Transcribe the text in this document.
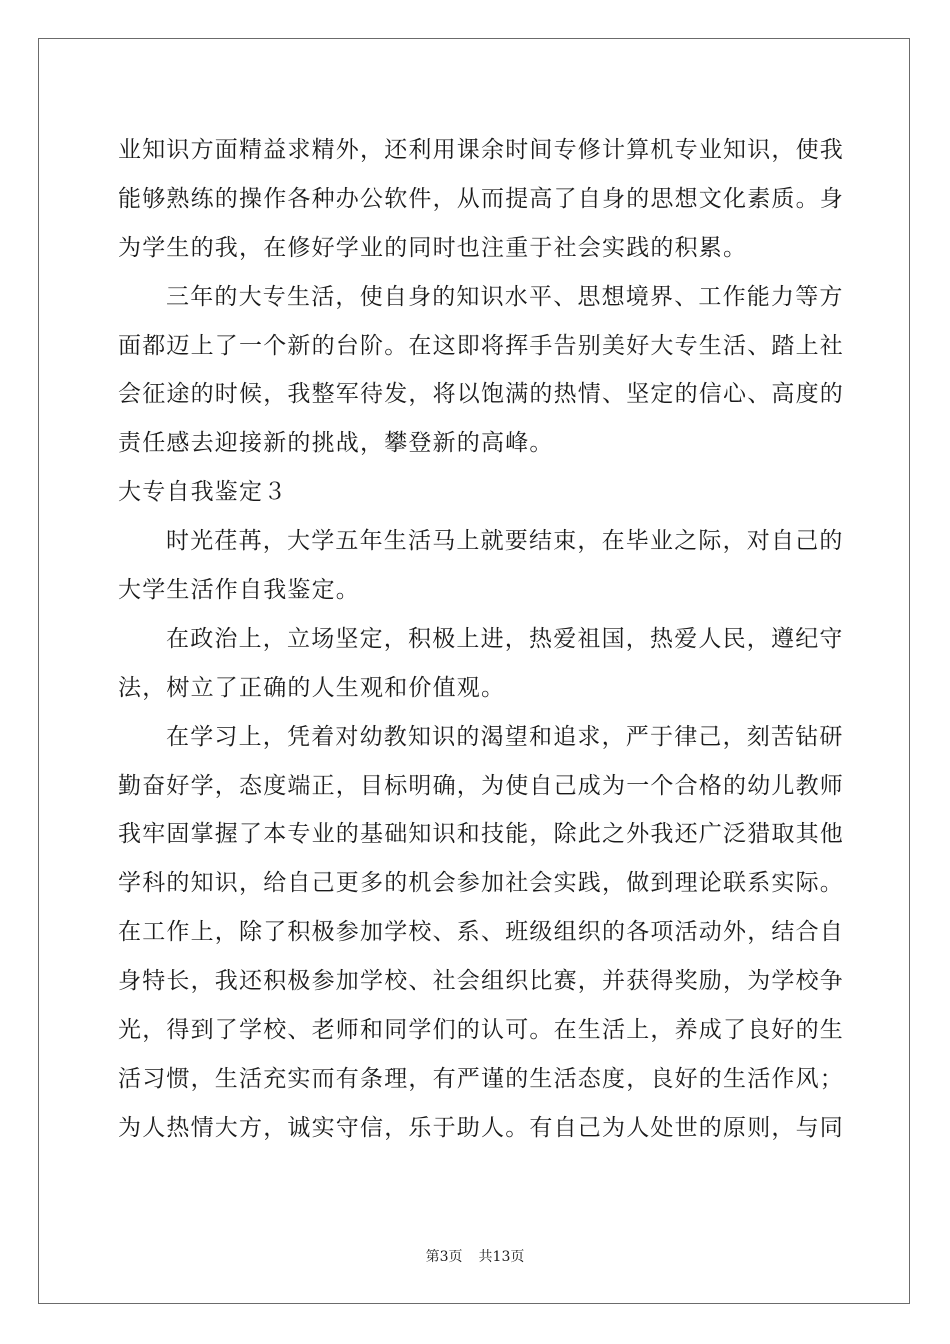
业知识方面精益求精外，还利用课余时间专修计算机专业知识，使我
能够熟练的操作各种办公软件，从而提高了自身的思想文化素质。身
为学生的我，在修好学业的同时也注重于社会实践的积累。
三年的大专生活，使自身的知识水平、思想境界、工作能力等方
面都迈上了一个新的台阶。在这即将挥手告别美好大专生活、踏上社
会征途的时候，我整军待发，将以饱满的热情、坚定的信心、高度的
责任感去迎接新的挑战，攀登新的高峰。
大专自我鉴定３
时光荏苒，大学五年生活马上就要结束，在毕业之际，对自己的
大学生活作自我鉴定。
在政治上，立场坚定，积极上进，热爱祖国，热爱人民，遵纪守
法，树立了正确的人生观和价值观。
在学习上，凭着对幼教知识的渴望和追求，严于律己，刻苦钻研
勤奋好学，态度端正，目标明确，为使自己成为一个合格的幼儿教师
我牢固掌握了本专业的基础知识和技能，除此之外我还广泛猎取其他
学科的知识，给自己更多的机会参加社会实践，做到理论联系实际。
在工作上，除了积极参加学校、系、班级组织的各项活动外，结合自
身特长，我还积极参加学校、社会组织比赛，并获得奖励，为学校争
光，得到了学校、老师和同学们的认可。在生活上，养成了良好的生
活习惯，生活充实而有条理，有严谨的生活态度，良好的生活作风；
为人热情大方，诚实守信，乐于助人。有自己为人处世的原则，与同
第3页 共13页
